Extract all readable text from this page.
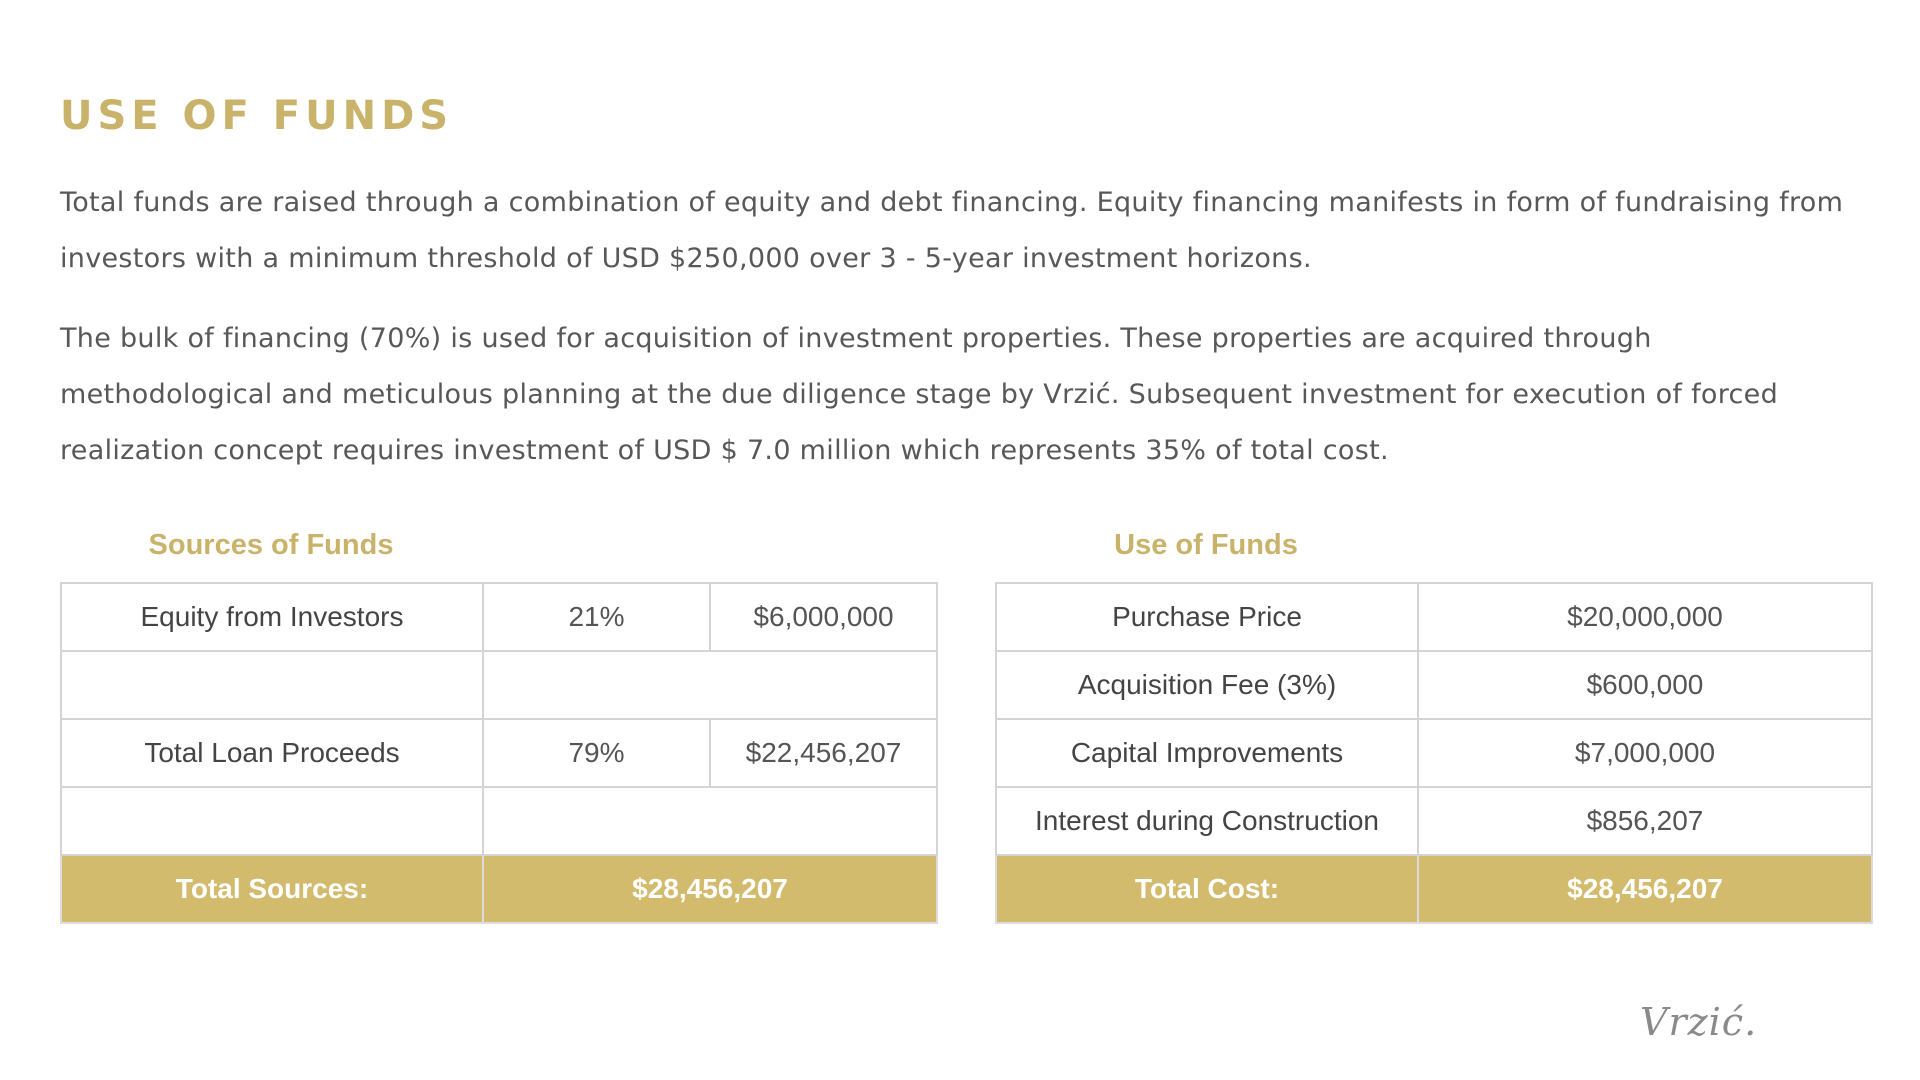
USE OF FUNDS

Total funds are raised through a combination of equity and debt financing. Equity financing manifests in form of fundraising from investors with a minimum threshold of USD $250,000 over 3 - 5-year investment horizons.

The bulk of financing (70%) is used for acquisition of investment properties. These properties are acquired through methodological and meticulous planning at the due diligence stage by Vrzić. Subsequent investment for execution of forced realization concept requires investment of USD $ 7.0 million which represents 35% of total cost.

Sources of Funds	Use of Funds
Equity from Investors	21%	$6,000,000

Total Loan Proceeds	79%	$22,456,207

Total Sources:	$28,456,207	
Purchase Price	$20,000,000
Acquisition Fee (3%)	$600,000
Capital Improvements	$7,000,000
Interest during Construction	$856,207
Total Cost:	$28,456,207
Vrzić.
